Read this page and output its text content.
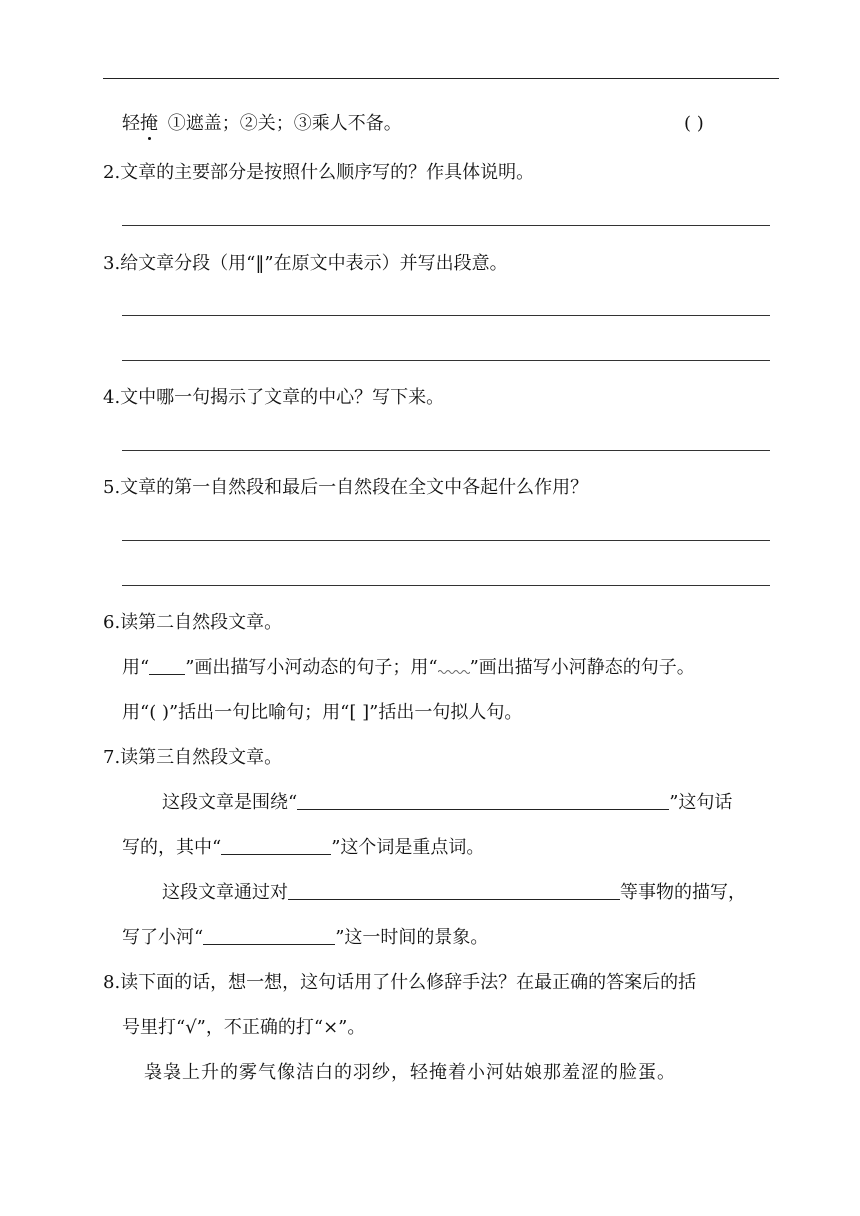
轻掩 ①遮盖；②关；③乘人不备。	( )
2.文章的主要部分是按照什么顺序写的？作具体说明。
3.给文章分段（用“‖”在原文中表示）并写出段意。
4.文中哪一句揭示了文章的中心？写下来。
5.文章的第一自然段和最后一自然段在全文中各起什么作用？
6.读第二自然段文章。
用“ ”画出描写小河动态的句子；用“ ”画出描写小河静态的句子。
用“( )”括出一句比喻句；用“[ ]”括出一句拟人句。
7.读第三自然段文章。
这段文章是围绕“	”这句话
写的，其中“	”这个词是重点词。
这段文章通过对	等事物的描写，
写了小河“	”这一时间的景象。
8.读下面的话，想一想，这句话用了什么修辞手法？在最正确的答案后的括
号里打“√”，不正确的打“×”。
袅袅上升的雾气像洁白的羽纱，轻掩着小河姑娘那羞涩的脸蛋。
